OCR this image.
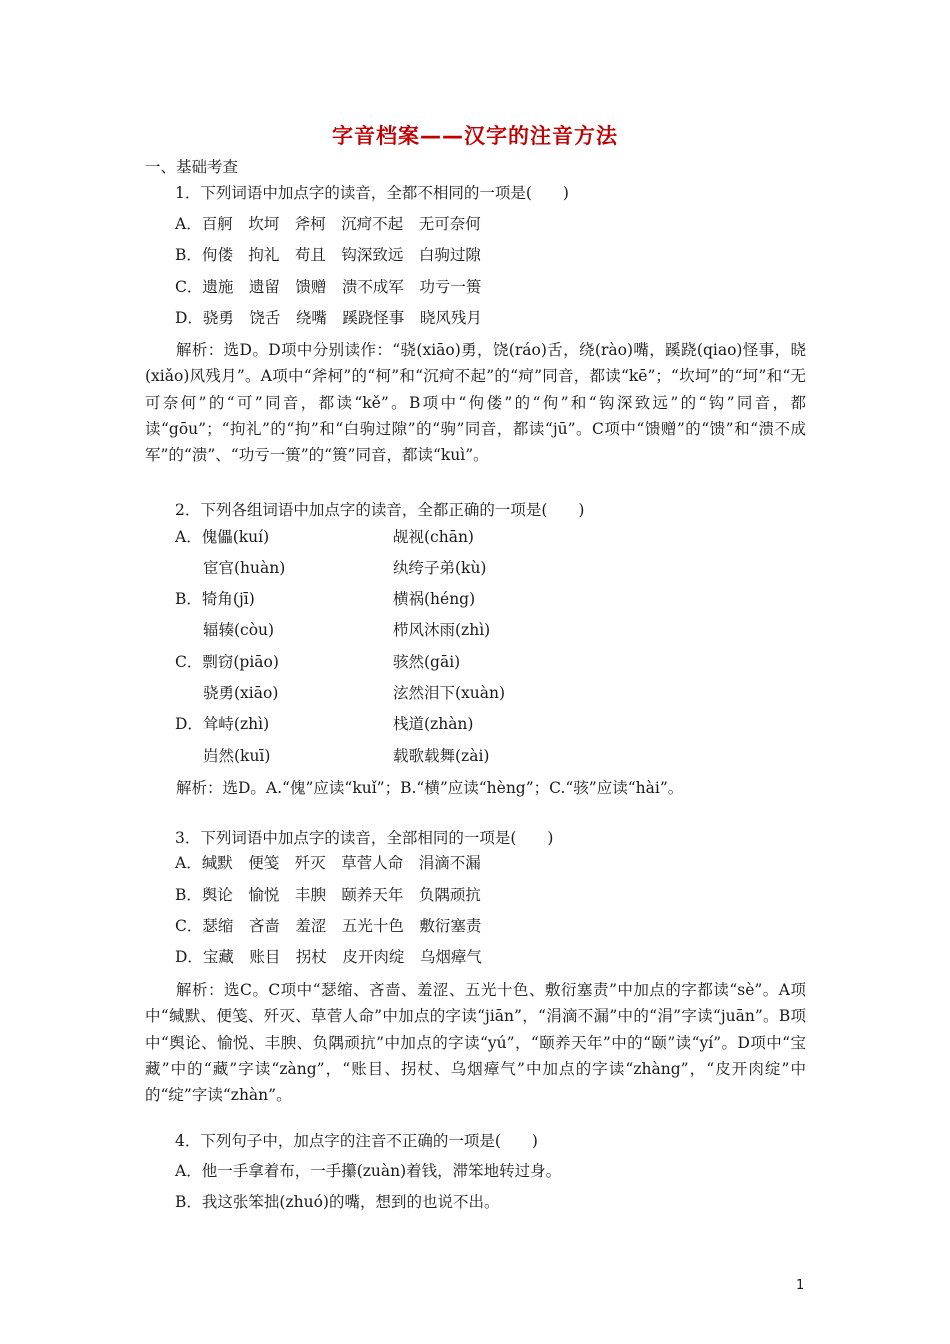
字音档案——汉字的注音方法
一、基础考查
1．下列词语中加点字的读音，全都不相同的一项是(　　)
A．百舸　坎坷　斧柯　沉疴不起　无可奈何
B．佝偻　拘礼　苟且　钩深致远　白驹过隙
C．遗施　遗留　馈赠　溃不成军　功亏一篑
D．骁勇　饶舌　绕嘴　蹊跷怪事　晓风残月
解析：选D。D项中分别读作：“骁(xiāo)勇，饶(ráo)舌，绕(rào)嘴，蹊跷(qiao)怪事，晓(xiǎo)风残月”。A项中“斧柯”的“柯”和“沉疴不起”的“疴”同音，都读“kē”；“坎坷”的“坷”和“无可奈何”的“可”同音，都读“kě”。B项中“佝偻”的“佝”和“钩深致远”的“钩”同音，都读“gōu”；“拘礼”的“拘”和“白驹过隙”的“驹”同音，都读“jū”。C项中“馈赠”的“馈”和“溃不成军”的“溃”、“功亏一篑”的“篑”同音，都读“kuì”。
2．下列各组词语中加点字的读音，全都正确的一项是(　　)
A．傀儡(kuí)	觇视(chān)
宦官(huàn)	纨绔子弟(kù)
B．犄角(jī)	横祸(héng)
辐辏(còu)	栉风沐雨(zhì)
C．剽窃(piāo)	骇然(gāi)
骁勇(xiāo)	泫然泪下(xuàn)
D．耸峙(zhì)	栈道(zhàn)
岿然(kuī)	载歌载舞(zài)
解析：选D。A.“傀”应读“kuǐ”；B.“横”应读“hèng”；C.“骇”应读“hài”。
3．下列词语中加点字的读音，全部相同的一项是(　　)
A．缄默　便笺　歼灭　草菅人命　涓滴不漏
B．舆论　愉悦　丰腴　颐养天年　负隅顽抗
C．瑟缩　吝啬　羞涩　五光十色　敷衍塞责
D．宝藏　账目　拐杖　皮开肉绽　乌烟瘴气
解析：选C。C项中“瑟缩、吝啬、羞涩、五光十色、敷衍塞责”中加点的字都读“sè”。A项中“缄默、便笺、歼灭、草菅人命”中加点的字读“jiān”，“涓滴不漏”中的“涓”字读“juān”。B项中“舆论、愉悦、丰腴、负隅顽抗”中加点的字读“yú”，“颐养天年”中的“颐”读“yí”。D项中“宝藏”中的“藏”字读“zàng”，“账目、拐杖、乌烟瘴气”中加点的字读“zhàng”，“皮开肉绽”中的“绽”字读“zhàn”。
4．下列句子中，加点字的注音不正确的一项是(　　)
A．他一手拿着布，一手攥(zuàn)着钱，滞笨地转过身。
B．我这张笨拙(zhuó)的嘴，想到的也说不出。
1
